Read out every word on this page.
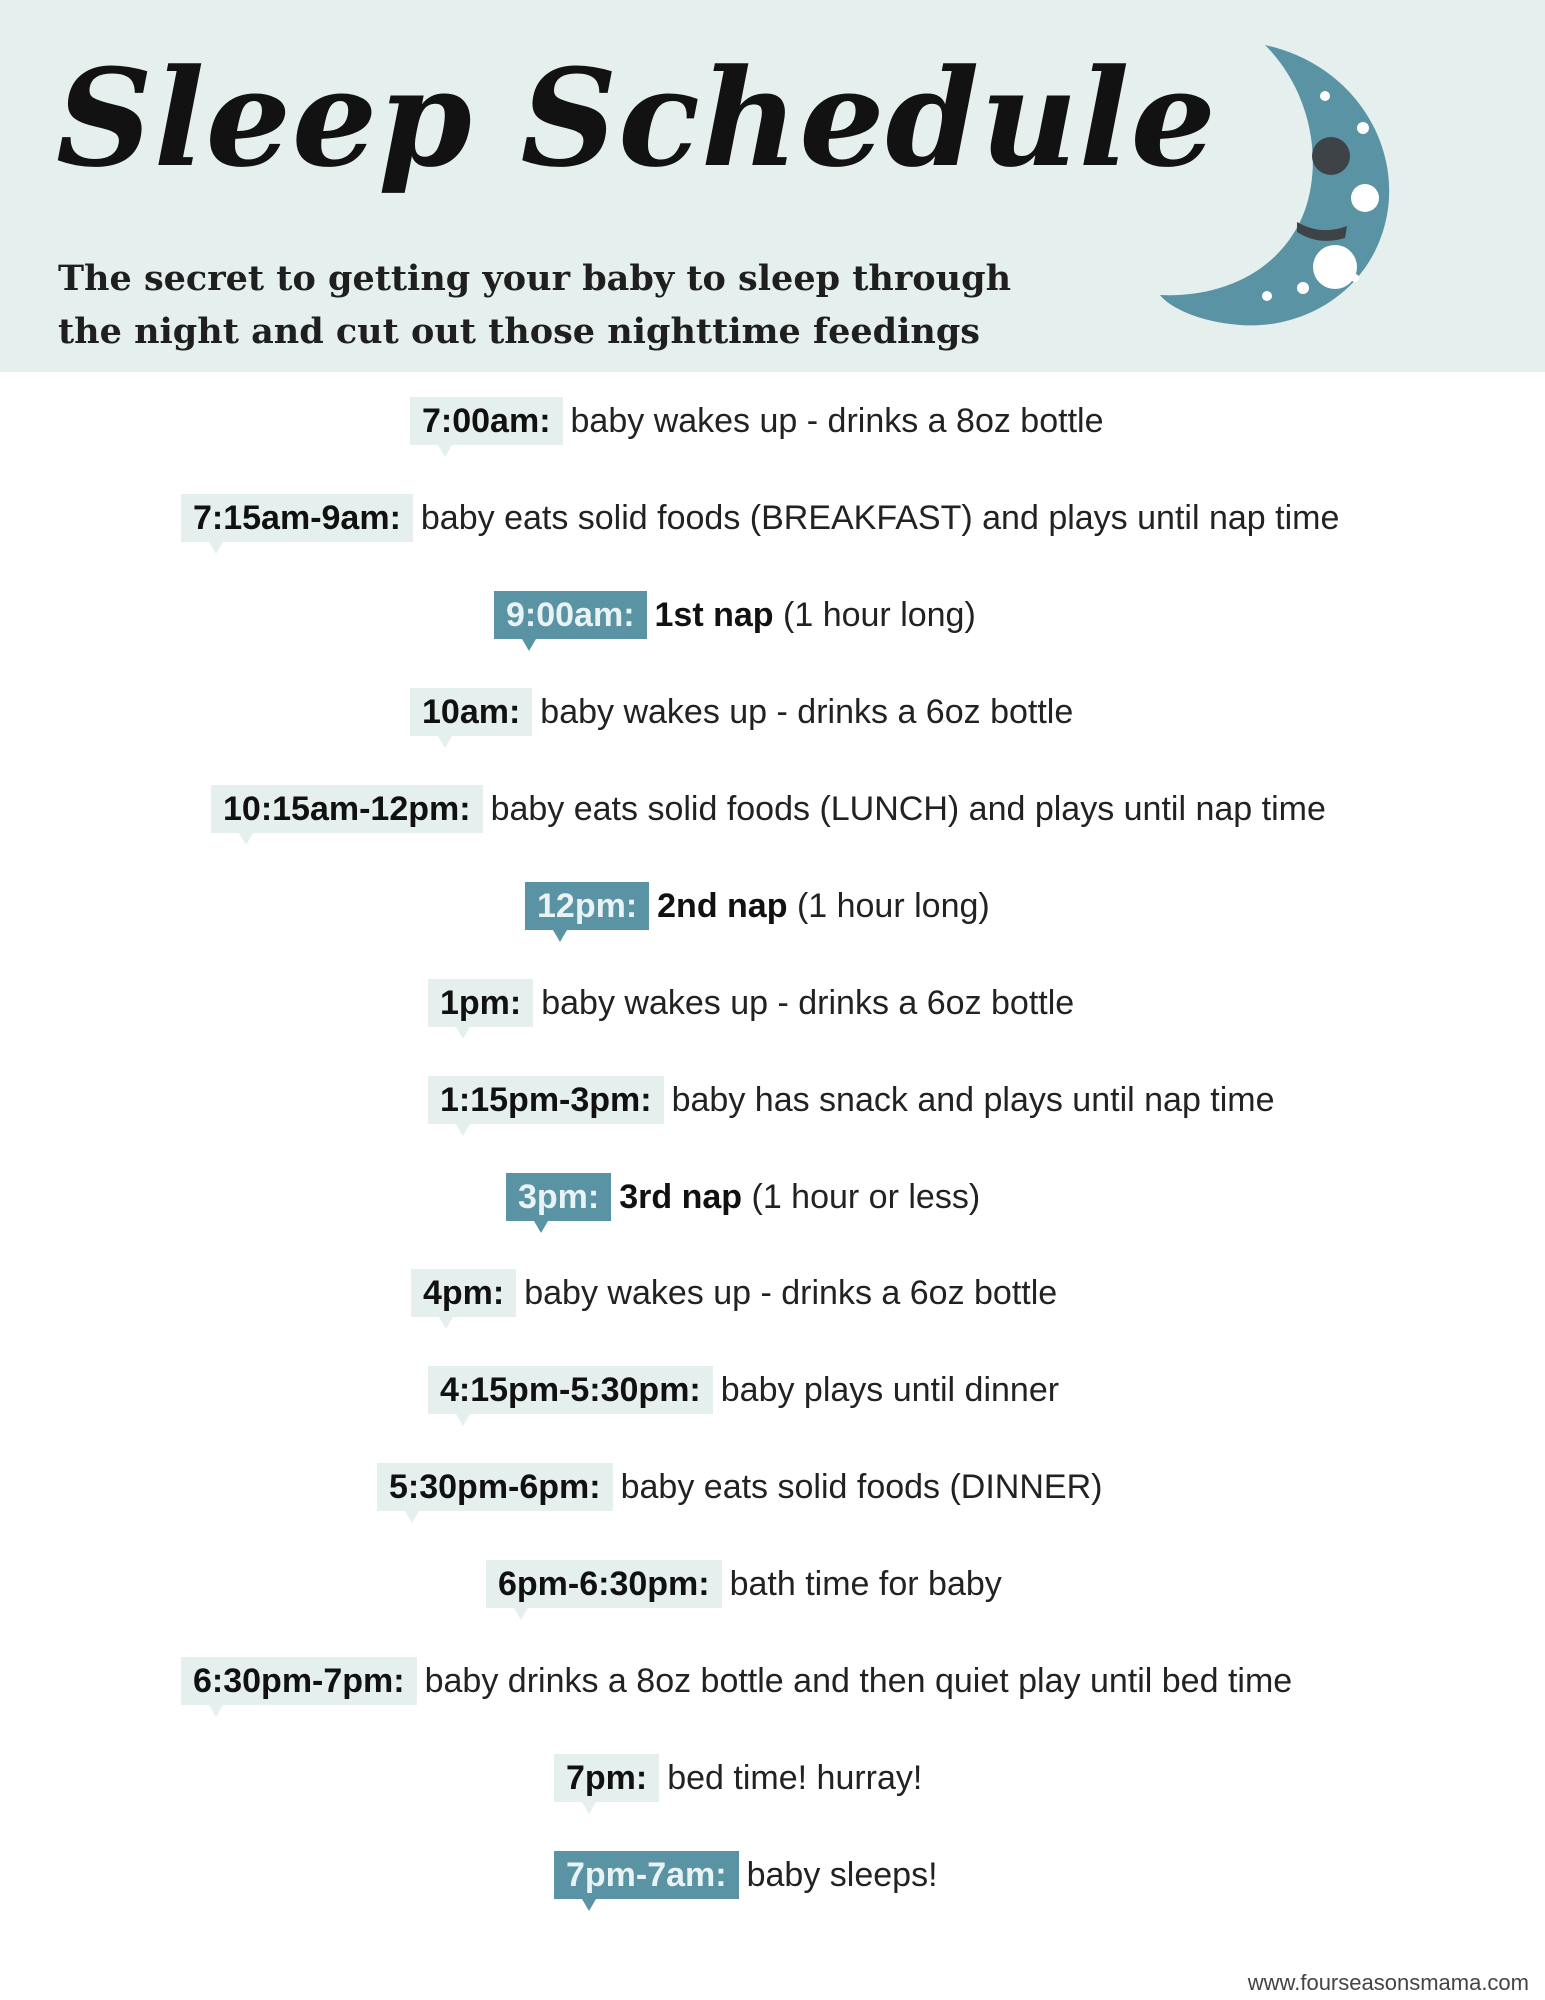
Sleep Schedule
The secret to getting your baby to sleep through
the night and cut out those nighttime feedings
7:00am: baby wakes up - drinks a 8oz bottle
7:15am-9am: baby eats solid foods (BREAKFAST) and plays until nap time
9:00am: 1st nap (1 hour long)
10am: baby wakes up - drinks a 6oz bottle
10:15am-12pm: baby eats solid foods (LUNCH) and plays until nap time
12pm: 2nd nap (1 hour long)
1pm: baby wakes up - drinks a 6oz bottle
1:15pm-3pm: baby has snack and plays until nap time
3pm: 3rd nap (1 hour or less)
4pm: baby wakes up - drinks a 6oz bottle
4:15pm-5:30pm: baby plays until dinner
5:30pm-6pm: baby eats solid foods (DINNER)
6pm-6:30pm: bath time for baby
6:30pm-7pm: baby drinks a 8oz bottle and then quiet play until bed time
7pm: bed time! hurray!
7pm-7am: baby sleeps!
www.fourseasonsmama.com
